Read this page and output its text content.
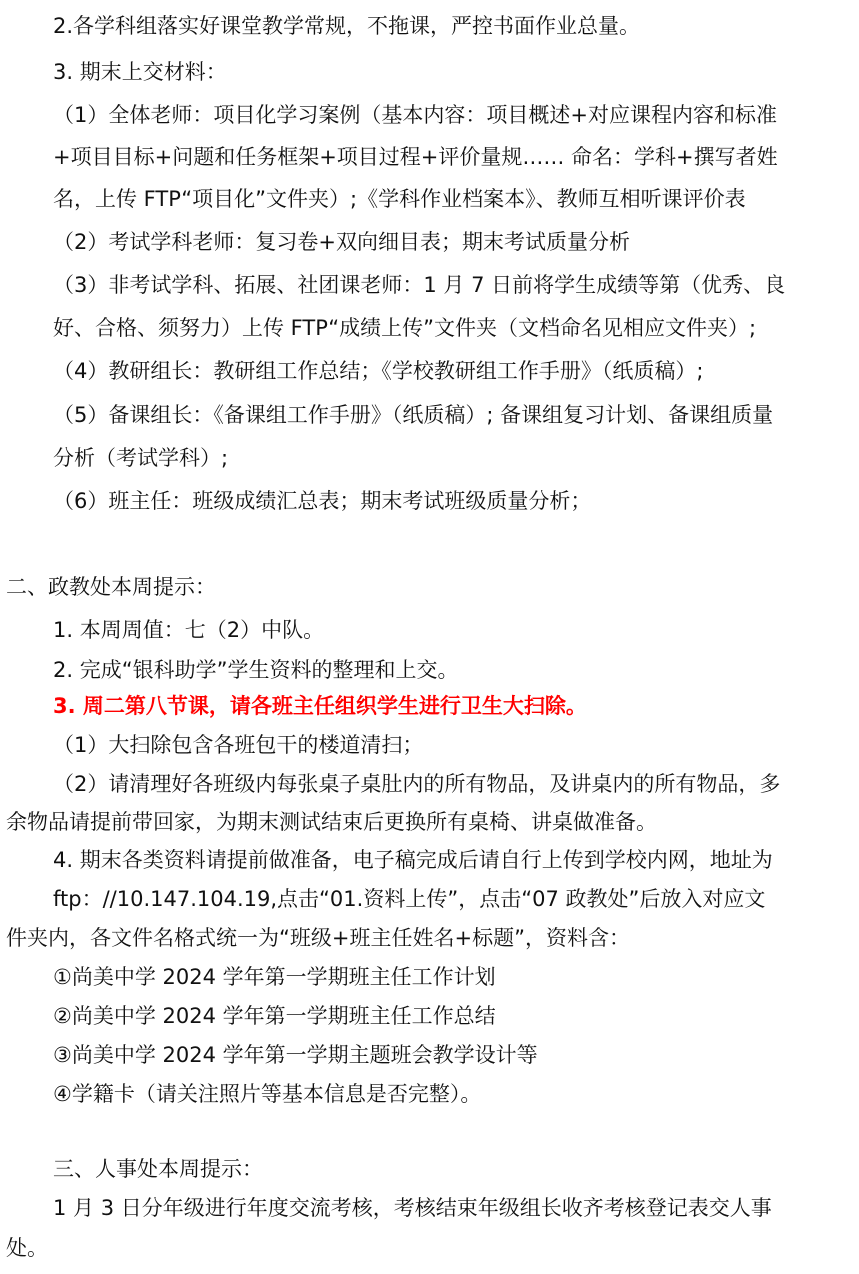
2.各学科组落实好课堂教学常规，不拖课，严控书面作业总量。
3. 期末上交材料：
（1）全体老师：项目化学习案例（基本内容：项目概述+对应课程内容和标准
+项目目标+问题和任务框架+项目过程+评价量规…… 命名：学科+撰写者姓
名，上传 FTP“项目化”文件夹）;《学科作业档案本》、教师互相听课评价表
（2）考试学科老师：复习卷+双向细目表；期末考试质量分析
（3）非考试学科、拓展、社团课老师：1 月 7 日前将学生成绩等第（优秀、良
好、合格、须努力）上传 FTP“成绩上传”文件夹（文档命名见相应文件夹）;
（4）教研组长：教研组工作总结；《学校教研组工作手册》（纸质稿）;
（5）备课组长：《备课组工作手册》（纸质稿）; 备课组复习计划、备课组质量
分析（考试学科）;
（6）班主任：班级成绩汇总表；期末考试班级质量分析；
二、政教处本周提示：
1. 本周周值：七（2）中队。
2. 完成“银科助学”学生资料的整理和上交。
3. 周二第八节课，请各班主任组织学生进行卫生大扫除。
（1）大扫除包含各班包干的楼道清扫；
（2）请清理好各班级内每张桌子桌肚内的所有物品，及讲桌内的所有物品，多
余物品请提前带回家，为期末测试结束后更换所有桌椅、讲桌做准备。
4. 期末各类资料请提前做准备，电子稿完成后请自行上传到学校内网，地址为
ftp：//10.147.104.19,点击“01.资料上传”，点击“07 政教处”后放入对应文
件夹内，各文件名格式统一为“班级+班主任姓名+标题”，资料含：
①尚美中学 2024 学年第一学期班主任工作计划
②尚美中学 2024 学年第一学期班主任工作总结
③尚美中学 2024 学年第一学期主题班会教学设计等
④学籍卡（请关注照片等基本信息是否完整）。
三、人事处本周提示：
1 月 3 日分年级进行年度交流考核，考核结束年级组长收齐考核登记表交人事
处。
